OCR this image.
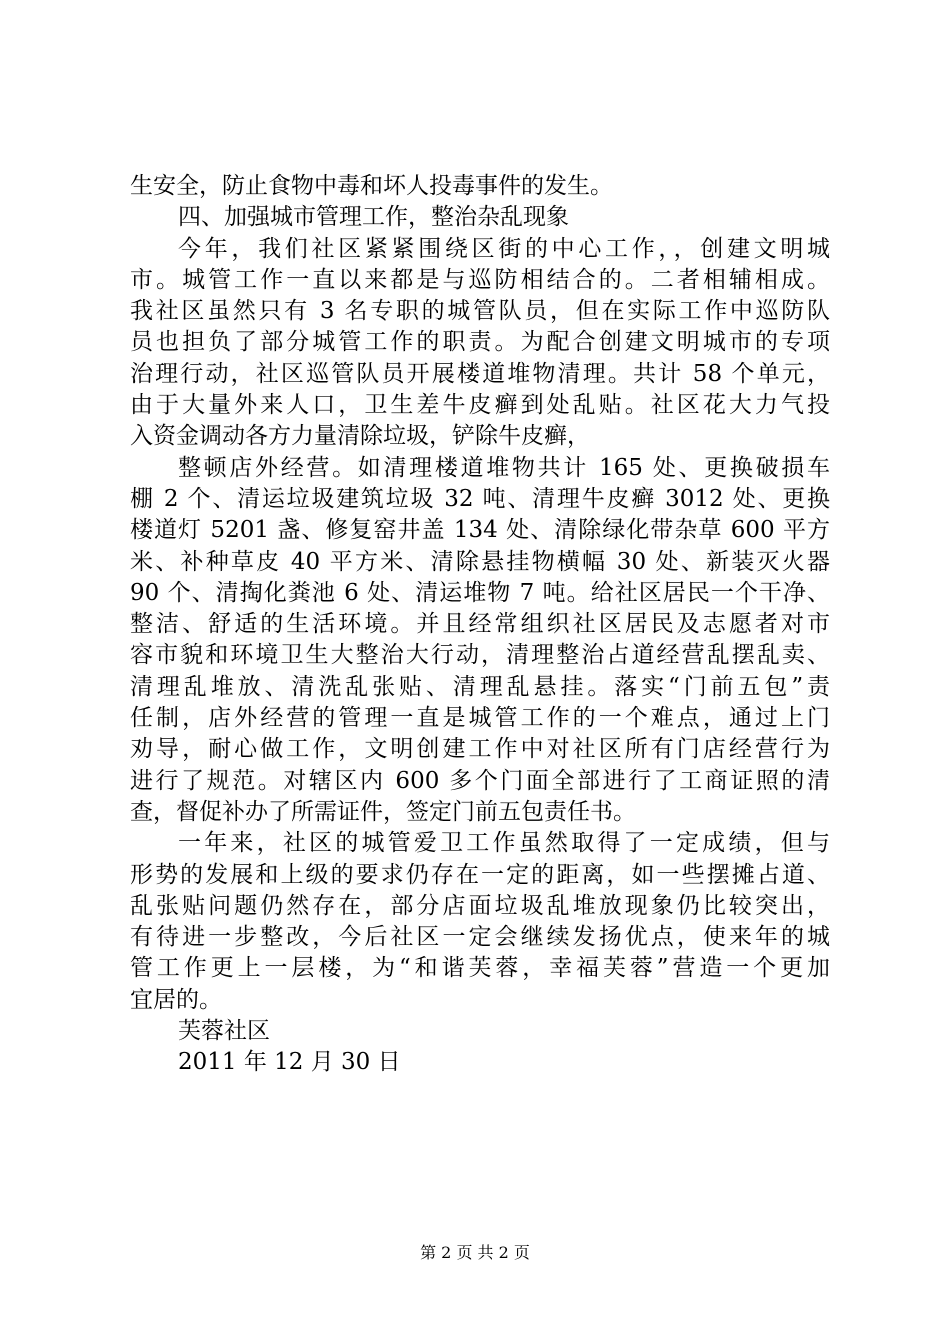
生安全，防止食物中毒和坏人投毒事件的发生。
四、加强城市管理工作，整治杂乱现象
今年，我们社区紧紧围绕区街的中心工作，，创建文明城
市。城管工作一直以来都是与巡防相结合的。二者相辅相成。
我社区虽然只有 3 名专职的城管队员，但在实际工作中巡防队
员也担负了部分城管工作的职责。为配合创建文明城市的专项
治理行动，社区巡管队员开展楼道堆物清理。共计 58 个单元，
由于大量外来人口，卫生差牛皮癣到处乱贴。社区花大力气投
入资金调动各方力量清除垃圾，铲除牛皮癣，
整顿店外经营。如清理楼道堆物共计 165 处、更换破损车
棚 2 个、清运垃圾建筑垃圾 32 吨、清理牛皮癣 3012 处、更换
楼道灯 5201 盏、修复窑井盖 134 处、清除绿化带杂草 600 平方
米、补种草皮 40 平方米、清除悬挂物横幅 30 处、新装灭火器
90 个、清掏化粪池 6 处、清运堆物 7 吨。给社区居民一个干净、
整洁、舒适的生活环境。并且经常组织社区居民及志愿者对市
容市貌和环境卫生大整治大行动，清理整治占道经营乱摆乱卖、
清理乱堆放、清洗乱张贴、清理乱悬挂。落实“门前五包”责
任制，店外经营的管理一直是城管工作的一个难点，通过上门
劝导，耐心做工作，文明创建工作中对社区所有门店经营行为
进行了规范。对辖区内 600 多个门面全部进行了工商证照的清
查，督促补办了所需证件，签定门前五包责任书。
一年来，社区的城管爱卫工作虽然取得了一定成绩，但与
形势的发展和上级的要求仍存在一定的距离，如一些摆摊占道、
乱张贴问题仍然存在，部分店面垃圾乱堆放现象仍比较突出，
有待进一步整改，今后社区一定会继续发扬优点，使来年的城
管工作更上一层楼，为“和谐芙蓉，幸福芙蓉”营造一个更加
宜居的。
芙蓉社区
2011 年 12 月 30 日
第 2 页 共 2 页
